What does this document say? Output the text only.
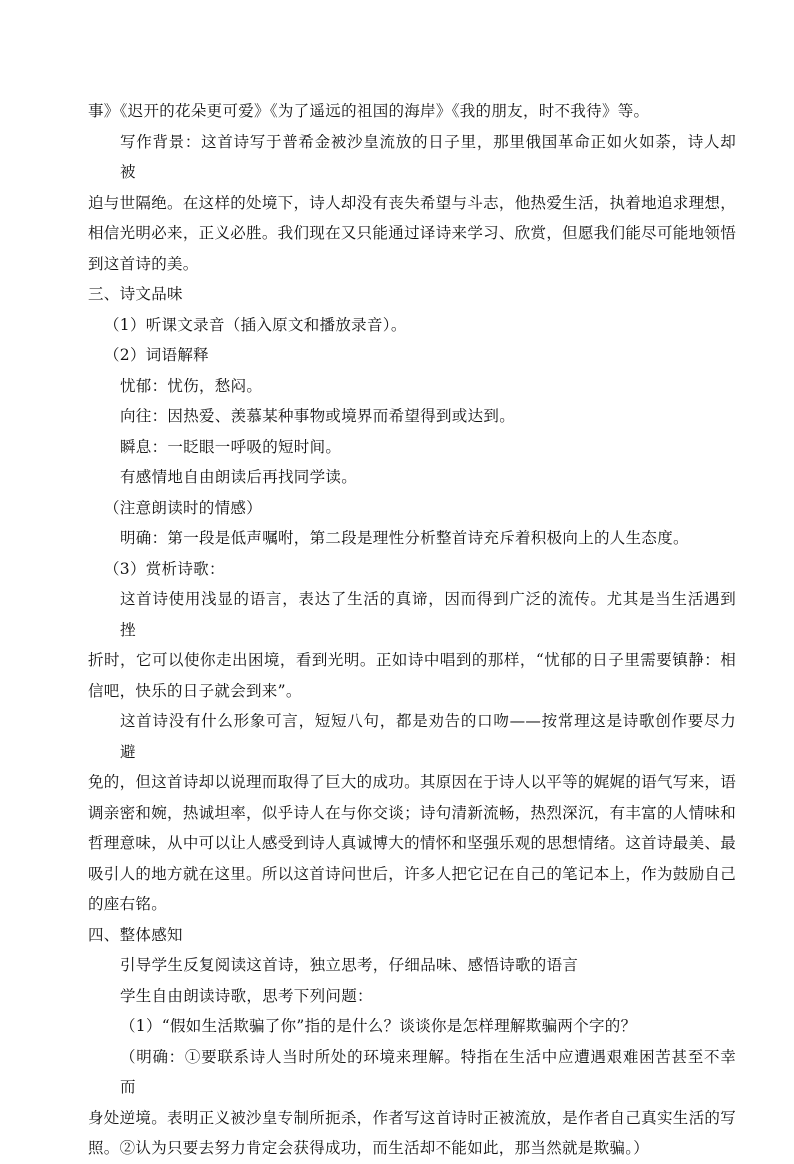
事》《迟开的花朵更可爱》《为了遥远的祖国的海岸》《我的朋友，时不我待》等。

写作背景：这首诗写于普希金被沙皇流放的日子里，那里俄国革命正如火如荼，诗人却被

迫与世隔绝。在这样的处境下，诗人却没有丧失希望与斗志，他热爱生活，执着地追求理想，

相信光明必来，正义必胜。我们现在又只能通过译诗来学习、欣赏，但愿我们能尽可能地领悟

到这首诗的美。

三、诗文品味

（1）听课文录音（插入原文和播放录音）。

（2）词语解释

忧郁：忧伤，愁闷。

向往：因热爱、羡慕某种事物或境界而希望得到或达到。

瞬息：一眨眼一呼吸的短时间。

有感情地自由朗读后再找同学读。

（注意朗读时的情感）

明确：第一段是低声嘱咐，第二段是理性分析整首诗充斥着积极向上的人生态度。

（3）赏析诗歌：

这首诗使用浅显的语言，表达了生活的真谛，因而得到广泛的流传。尤其是当生活遇到挫

折时，它可以使你走出困境，看到光明。正如诗中唱到的那样，“忧郁的日子里需要镇静：相

信吧，快乐的日子就会到来”。

这首诗没有什么形象可言，短短八句，都是劝告的口吻——按常理这是诗歌创作要尽力避

免的，但这首诗却以说理而取得了巨大的成功。其原因在于诗人以平等的娓娓的语气写来，语

调亲密和婉，热诚坦率，似乎诗人在与你交谈；诗句清新流畅，热烈深沉，有丰富的人情味和

哲理意味，从中可以让人感受到诗人真诚博大的情怀和坚强乐观的思想情绪。这首诗最美、最

吸引人的地方就在这里。所以这首诗问世后，许多人把它记在自己的笔记本上，作为鼓励自己

的座右铭。

四、整体感知

引导学生反复阅读这首诗，独立思考，仔细品味、感悟诗歌的语言

学生自由朗读诗歌，思考下列问题：

（1）“假如生活欺骗了你”指的是什么？谈谈你是怎样理解欺骗两个字的？

（明确：①要联系诗人当时所处的环境来理解。特指在生活中应遭遇艰难困苦甚至不幸而

身处逆境。表明正义被沙皇专制所扼杀，作者写这首诗时正被流放，是作者自己真实生活的写

照。②认为只要去努力肯定会获得成功，而生活却不能如此，那当然就是欺骗。）
